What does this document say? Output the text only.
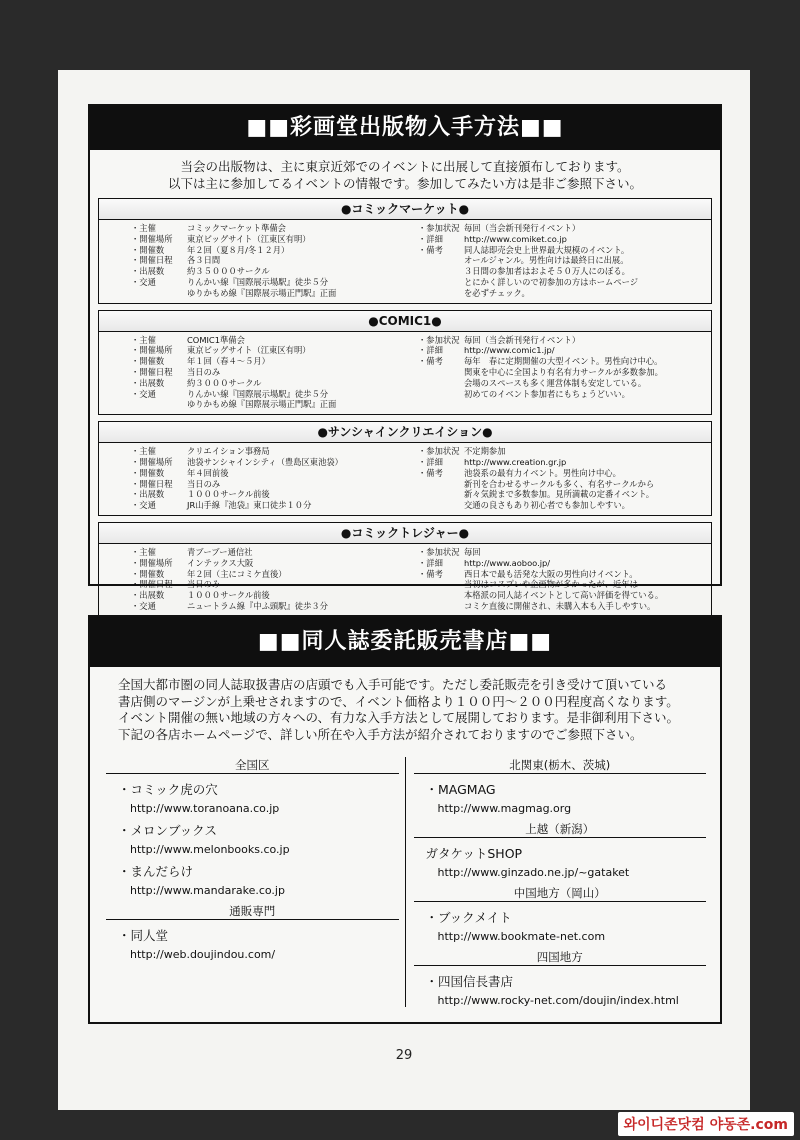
■■彩画堂出版物入手方法■■
当会の出版物は、主に東京近郊でのイベントに出展して直接頒布しております。
以下は主に参加してるイベントの情報です。参加してみたい方は是非ご参照下さい。
●コミックマーケット●
・主催	コミックマーケット準備会
・開催場所	東京ビッグサイト（江東区有明）
・開催数	年２回（夏８月/冬１２月）
・開催日程	各３日間
・出展数	約３５０００サークル
・交通	りんかい線『国際展示場駅』徒歩５分
ゆりかもめ線『国際展示場正門駅』正面
・参加状況 毎回（当会新刊発行イベント）
・詳細	http://www.comiket.co.jp
・備考	同人誌即売会史上世界最大規模のイベント。
オールジャンル。男性向けは最終日に出展。
３日間の参加者はおよそ５０万人にのぼる。
とにかく詳しいので初参加の方はホームページ
を必ずチェック。
●COMIC1●
・主催	COMIC1準備会
・開催場所	東京ビッグサイト（江東区有明）
・開催数	年１回（春４～５月）
・開催日程	当日のみ
・出展数	約３０００サークル
・交通	りんかい線『国際展示場駅』徒歩５分
ゆりかもめ線『国際展示場正門駅』正面
・参加状況 毎回（当会新刊発行イベント）
・詳細	http://www.comic1.jp/
・備考	毎年　春に定期開催の大型イベント。男性向け中心。
関東を中心に全国より有名有力サークルが多数参加。
会場のスペースも多く運営体制も安定している。
初めてのイベント参加者にもちょうどいい。
●サンシャインクリエイション●
・主催	クリエイション事務局
・開催場所	池袋サンシャインシティ（豊島区東池袋）
・開催数	年４回前後
・開催日程	当日のみ
・出展数	１０００サークル前後
・交通	JR山手線『池袋』東口徒歩１０分
・参加状況 不定期参加
・詳細	http://www.creation.gr.jp
・備考	池袋系の最有力イベント。男性向け中心。
新刊を合わせるサークルも多く、有名サークルから
新々気鋭まで多数参加。見所満載の定番イベント。
交通の良さもあり初心者でも参加しやすい。
●コミックトレジャー●
・主催	青ブーブー通信社
・開催場所	インテックス大阪
・開催数	年２回（主にコミケ直後）
・開催日程	当日のみ
・出展数	１０００サークル前後
・交通	ニュートラム線『中ふ頭駅』徒歩３分
・参加状況 毎回
・詳細	http://www.aoboo.jp/
・備考	西日本で最も活発な大阪の男性向けイベント。
当初はコスプレや企画物が多かったが、近年は
本格派の同人誌イベントとして高い評価を得ている。
コミケ直後に開催され、未購入本も入手しやすい。
■■同人誌委託販売書店■■
全国大都市圏の同人誌取扱書店の店頭でも入手可能です。ただし委託販売を引き受けて頂いている
書店側のマージンが上乗せされますので、イベント価格より１００円～２００円程度高くなります。
イベント開催の無い地域の方々への、有力な入手方法として展開しております。是非御利用下さい。
下記の各店ホームページで、詳しい所在や入手方法が紹介されておりますのでご参照下さい。
全国区
・コミック虎の穴
http://www.toranoana.co.jp
・メロンブックス
http://www.melonbooks.co.jp
・まんだらけ
http://www.mandarake.co.jp
通販専門
・同人堂
http://web.doujindou.com/
北関東(栃木、茨城)
・MAGMAG
http://www.magmag.org
上越（新潟）
ガタケットSHOP
http://www.ginzado.ne.jp/~gataket
中国地方（岡山）
・ブックメイト
http://www.bookmate-net.com
四国地方
・四国信長書店
http://www.rocky-net.com/doujin/index.html
29
와이디존닷컴 야동존.com
